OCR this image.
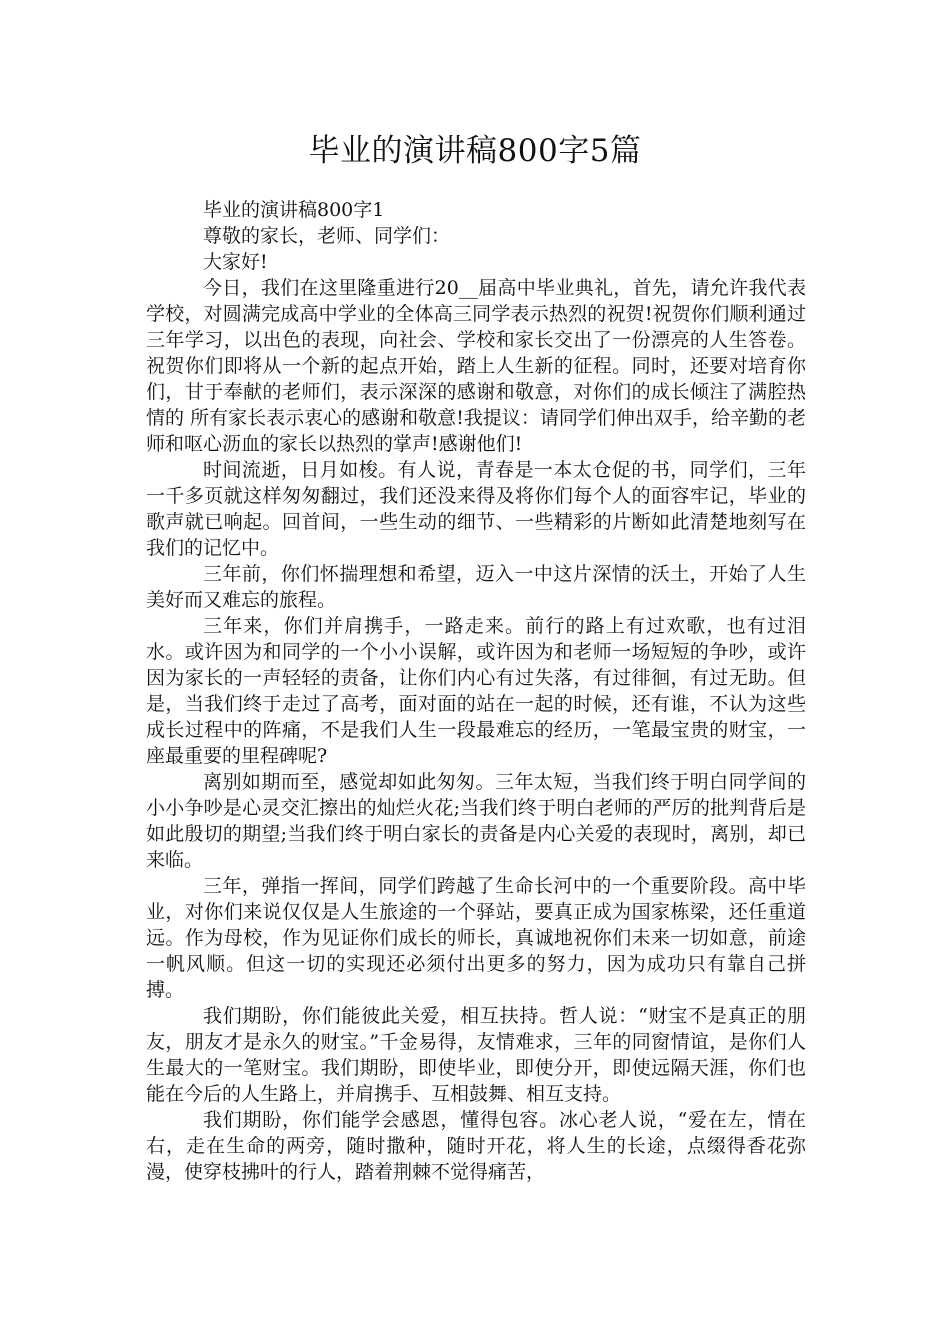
毕业的演讲稿800字5篇

毕业的演讲稿800字1

尊敬的家长，老师、同学们：

大家好!

今日，我们在这里隆重进行20__届高中毕业典礼，首先，请允许我代表学校，对圆满完成高中学业的全体高三同学表示热烈的祝贺!祝贺你们顺利通过三年学习，以出色的表现，向社会、学校和家长交出了一份漂亮的人生答卷。祝贺你们即将从一个新的起点开始，踏上人生新的征程。同时，还要对培育你们，甘于奉献的老师们，表示深深的感谢和敬意，对你们的成长倾注了满腔热情的 所有家长表示衷心的感谢和敬意!我提议：请同学们伸出双手，给辛勤的老师和呕心沥血的家长以热烈的掌声!感谢他们!

时间流逝，日月如梭。有人说，青春是一本太仓促的书，同学们，三年一千多页就这样匆匆翻过，我们还没来得及将你们每个人的面容牢记，毕业的歌声就已响起。回首间，一些生动的细节、一些精彩的片断如此清楚地刻写在我们的记忆中。

三年前，你们怀揣理想和希望，迈入一中这片深情的沃土，开始了人生美好而又难忘的旅程。

三年来，你们并肩携手，一路走来。前行的路上有过欢歌，也有过泪水。或许因为和同学的一个小小误解，或许因为和老师一场短短的争吵，或许因为家长的一声轻轻的责备，让你们内心有过失落，有过徘徊，有过无助。但是，当我们终于走过了高考，面对面的站在一起的时候，还有谁，不认为这些成长过程中的阵痛，不是我们人生一段最难忘的经历，一笔最宝贵的财宝，一座最重要的里程碑呢?

离别如期而至，感觉却如此匆匆。三年太短，当我们终于明白同学间的小小争吵是心灵交汇擦出的灿烂火花;当我们终于明白老师的严厉的批判背后是如此殷切的期望;当我们终于明白家长的责备是内心关爱的表现时，离别，却已来临。

三年，弹指一挥间，同学们跨越了生命长河中的一个重要阶段。高中毕业，对你们来说仅仅是人生旅途的一个驿站，要真正成为国家栋梁，还任重道远。作为母校，作为见证你们成长的师长，真诚地祝你们未来一切如意，前途一帆风顺。但这一切的实现还必须付出更多的努力，因为成功只有靠自己拼搏。

我们期盼，你们能彼此关爱，相互扶持。哲人说：“财宝不是真正的朋友，朋友才是永久的财宝。”千金易得，友情难求，三年的同窗情谊，是你们人生最大的一笔财宝。我们期盼，即使毕业，即使分开，即使远隔天涯，你们也能在今后的人生路上，并肩携手、互相鼓舞、相互支持。

我们期盼，你们能学会感恩，懂得包容。冰心老人说，“爱在左，情在右，走在生命的两旁，随时撒种，随时开花，将人生的长途，点缀得香花弥漫，使穿枝拂叶的行人，踏着荆棘不觉得痛苦，
